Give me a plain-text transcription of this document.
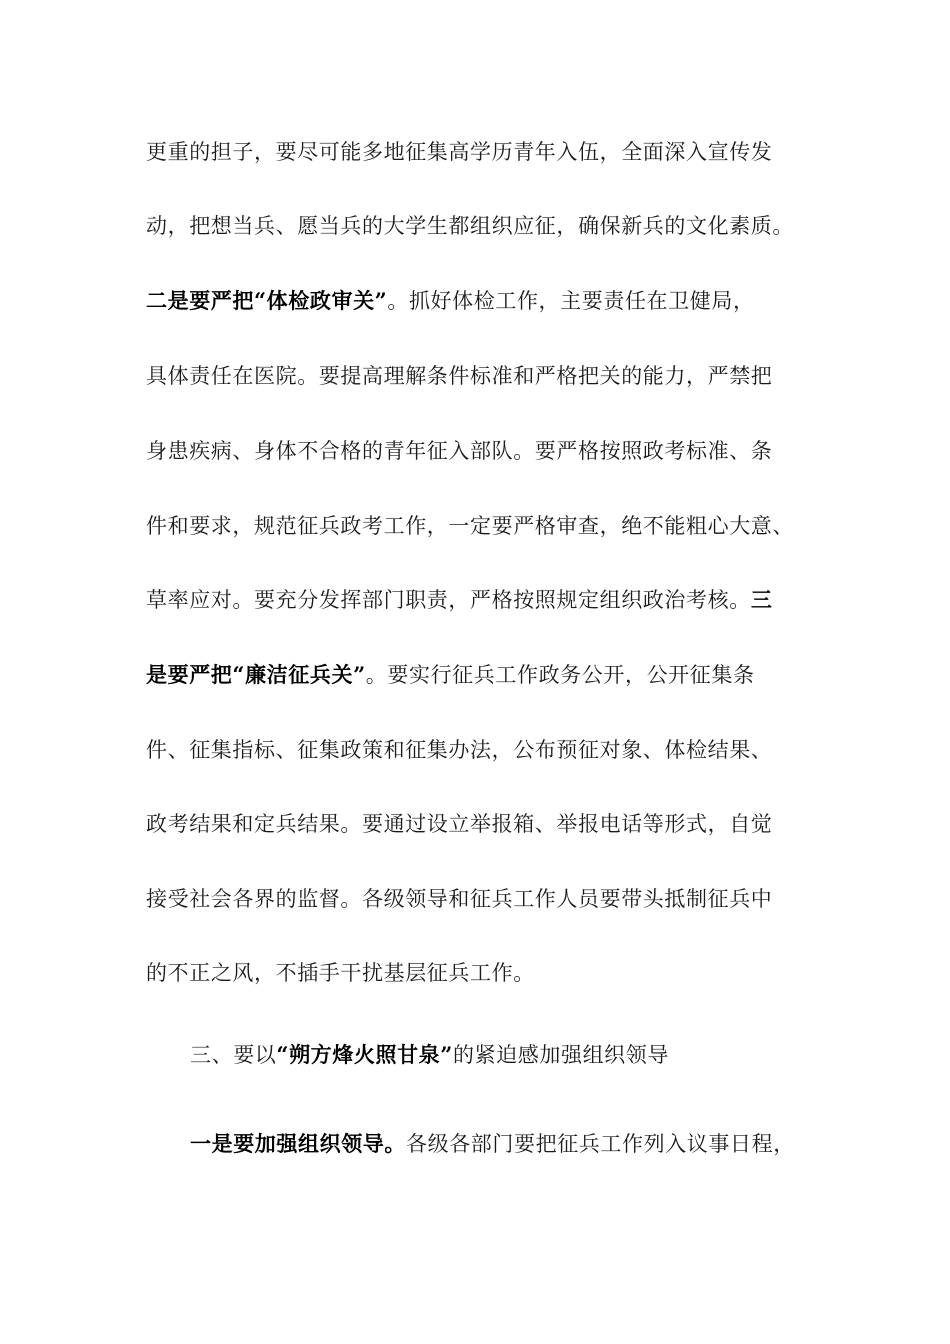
更重的担子，要尽可能多地征集高学历青年入伍，全面深入宣传发
动，把想当兵、愿当兵的大学生都组织应征，确保新兵的文化素质。
二是要严把“体检政审关”。抓好体检工作，主要责任在卫健局，
具体责任在医院。要提高理解条件标准和严格把关的能力，严禁把
身患疾病、身体不合格的青年征入部队。要严格按照政考标准、条
件和要求，规范征兵政考工作，一定要严格审查，绝不能粗心大意、
草率应对。要充分发挥部门职责，严格按照规定组织政治考核。三
是要严把“廉洁征兵关”。要实行征兵工作政务公开，公开征集条
件、征集指标、征集政策和征集办法，公布预征对象、体检结果、
政考结果和定兵结果。要通过设立举报箱、举报电话等形式，自觉
接受社会各界的监督。各级领导和征兵工作人员要带头抵制征兵中
的不正之风，不插手干扰基层征兵工作。
三、要以“朔方烽火照甘泉”的紧迫感加强组织领导
一是要加强组织领导。各级各部门要把征兵工作列入议事日程，
